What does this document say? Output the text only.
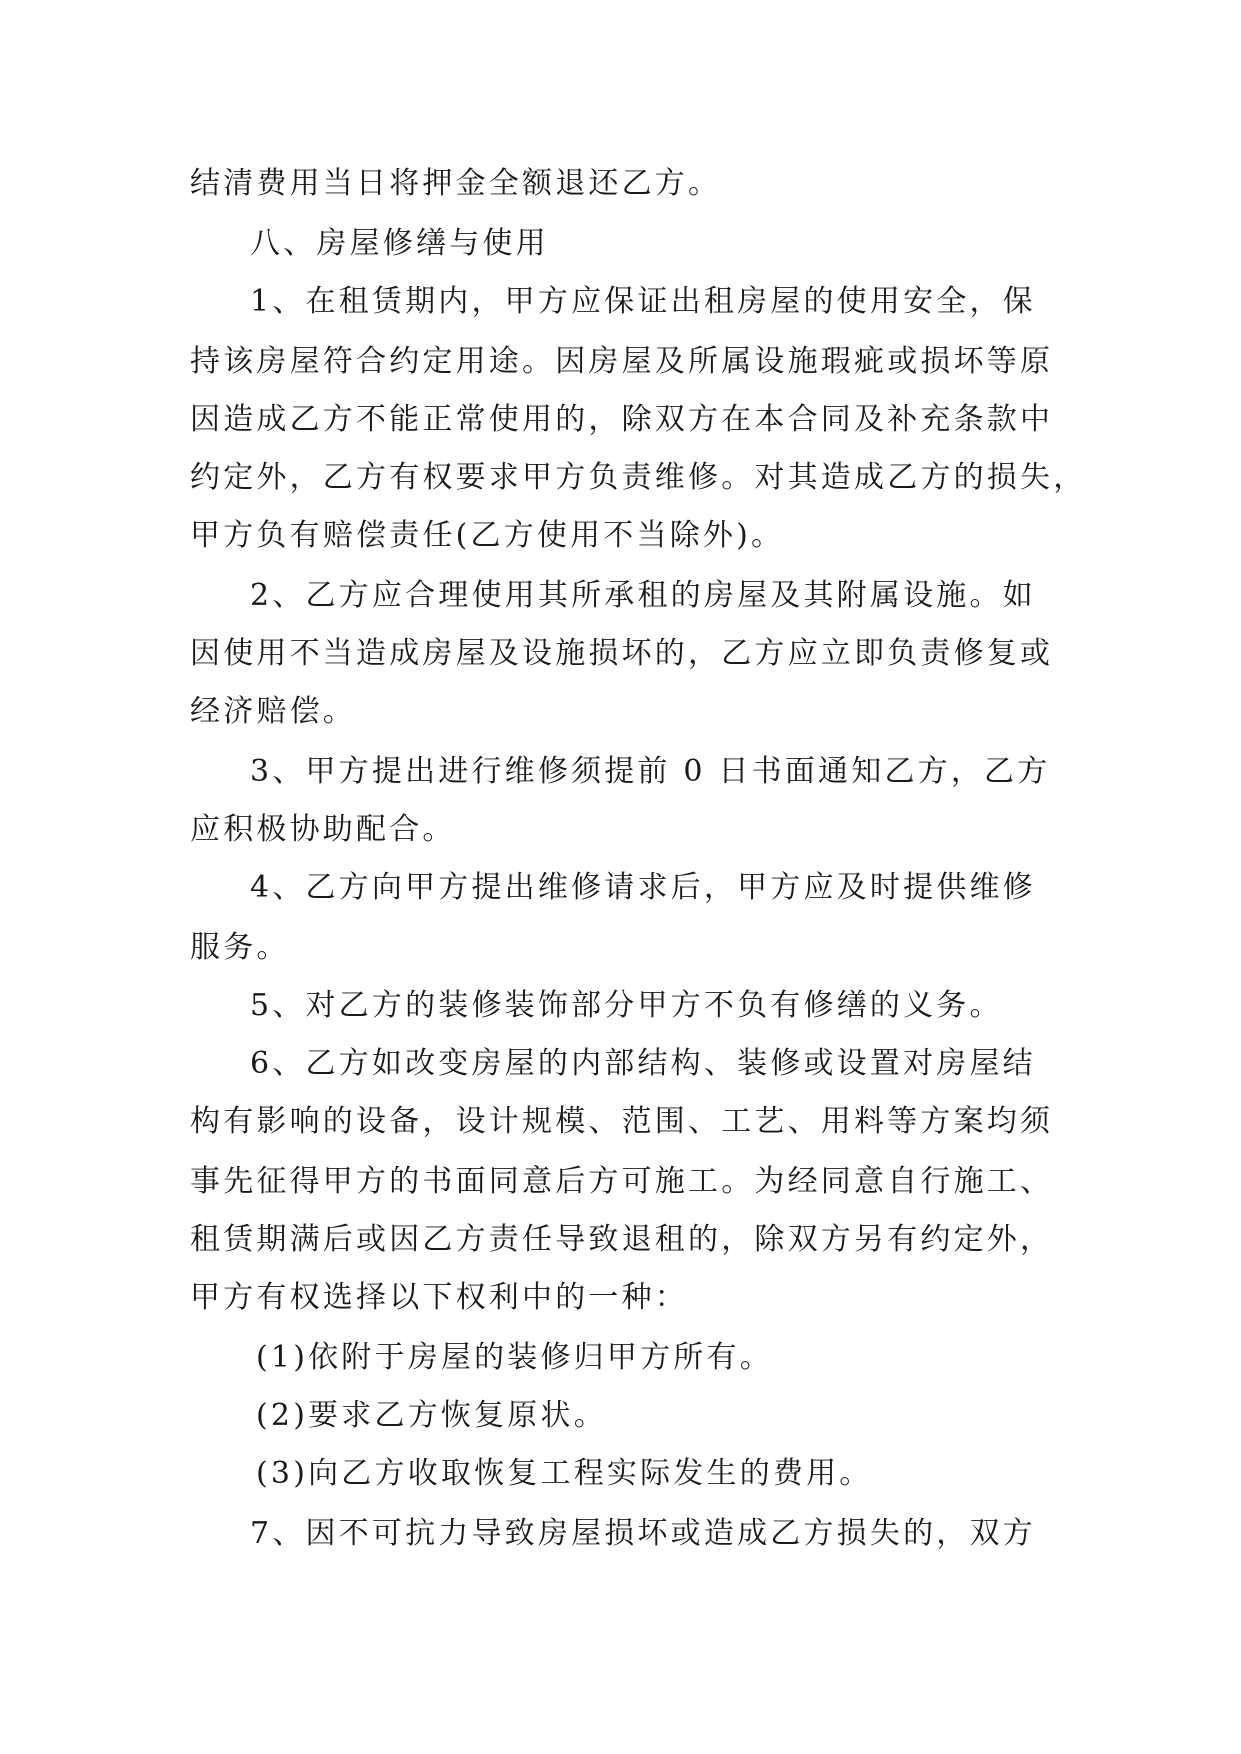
结清费用当日将押金全额退还乙方。
八、房屋修缮与使用
1、在租赁期内，甲方应保证出租房屋的使用安全，保
持该房屋符合约定用途。因房屋及所属设施瑕疵或损坏等原
因造成乙方不能正常使用的，除双方在本合同及补充条款中
约定外，乙方有权要求甲方负责维修。对其造成乙方的损失，
甲方负有赔偿责任(乙方使用不当除外)。
2、乙方应合理使用其所承租的房屋及其附属设施。如
因使用不当造成房屋及设施损坏的，乙方应立即负责修复或
经济赔偿。
3、甲方提出进行维修须提前 0 日书面通知乙方，乙方
应积极协助配合。
4、乙方向甲方提出维修请求后，甲方应及时提供维修
服务。
5、对乙方的装修装饰部分甲方不负有修缮的义务。
6、乙方如改变房屋的内部结构、装修或设置对房屋结
构有影响的设备，设计规模、范围、工艺、用料等方案均须
事先征得甲方的书面同意后方可施工。为经同意自行施工、
租赁期满后或因乙方责任导致退租的，除双方另有约定外，
甲方有权选择以下权利中的一种：
(1)依附于房屋的装修归甲方所有。
(2)要求乙方恢复原状。
(3)向乙方收取恢复工程实际发生的费用。
7、因不可抗力导致房屋损坏或造成乙方损失的，双方
